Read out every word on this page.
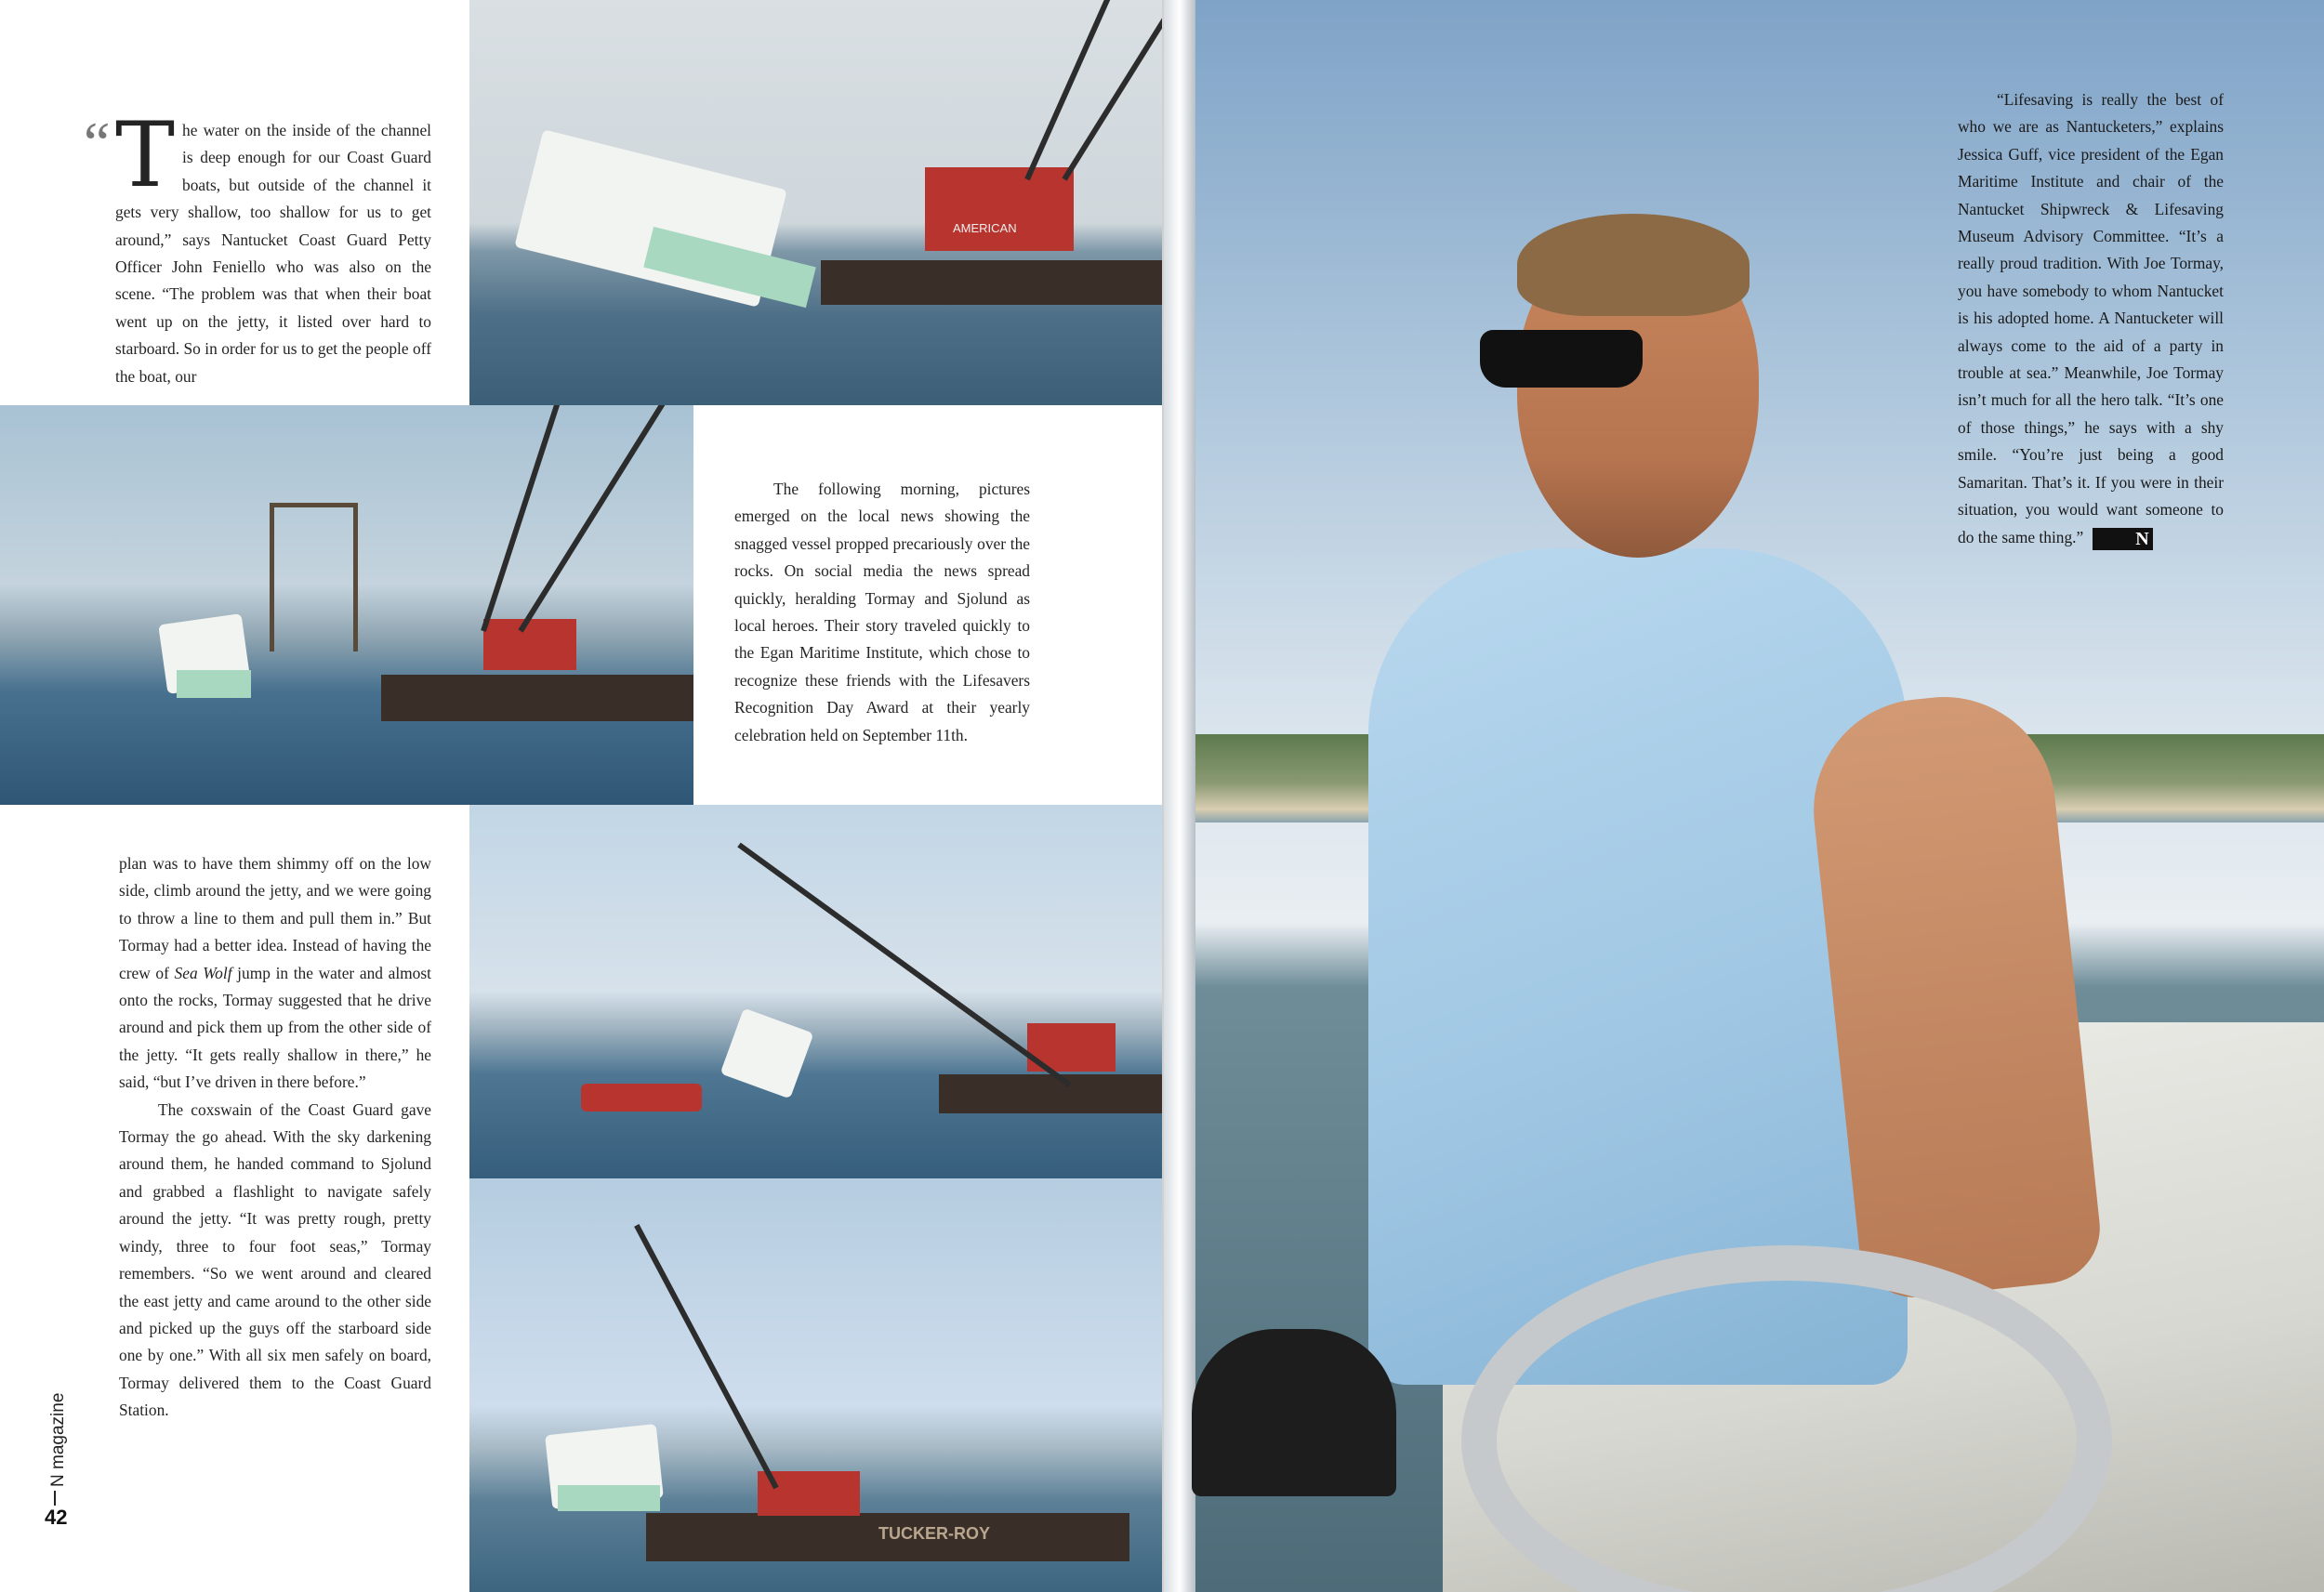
AMERICAN
TUCKER-ROY
“ The water on the inside of the channel is deep enough for our Coast Guard boats, but outside of the channel it gets very shallow, too shallow for us to get around,” says Nantucket Coast Guard Petty Officer John Feniello who was also on the scene. “The problem was that when their boat went up on the jetty, it listed over hard to starboard. So in order for us to get the people off the boat, our

The following morning, pictures emerged on the local news showing the snagged vessel propped precariously over the rocks. On social media the news spread quickly, heralding Tormay and Sjolund as local heroes. Their story traveled quickly to the Egan Maritime Institute, which chose to recognize these friends with the Lifesavers Recognition Day Award at their yearly celebration held on September 11th.

plan was to have them shimmy off on the low side, climb around the jetty, and we were going to throw a line to them and pull them in.” But Tormay had a better idea. Instead of having the crew of Sea Wolf jump in the water and almost onto the rocks, Tormay suggested that he drive around and pick them up from the other side of the jetty. “It gets really shallow in there,” he said, “but I’ve driven in there before.”

The coxswain of the Coast Guard gave Tormay the go ahead. With the sky darkening around them, he handed command to Sjolund and grabbed a flashlight to navigate safely around the jetty. “It was pretty rough, pretty windy, three to four foot seas,” Tormay remembers. “So we went around and cleared the east jetty and came around to the other side and picked up the guys off the starboard side one by one.” With all six men safely on board, Tormay delivered them to the Coast Guard Station.

N magazine
42

“Lifesaving is really the best of who we are as Nantucketers,” explains Jessica Guff, vice president of the Egan Maritime Institute and chair of the Nantucket Shipwreck & Lifesaving Museum Advisory Committee. “It’s a really proud tradition. With Joe Tormay, you have somebody to whom Nantucket is his adopted home. A Nantucketer will always come to the aid of a party in trouble at sea.” Meanwhile, Joe Tormay isn’t much for all the hero talk. “It’s one of those things,” he says with a shy smile. “You’re just being a good Samaritan. That’s it. If you were in their situation, you would want someone to do the same thing.”	N
